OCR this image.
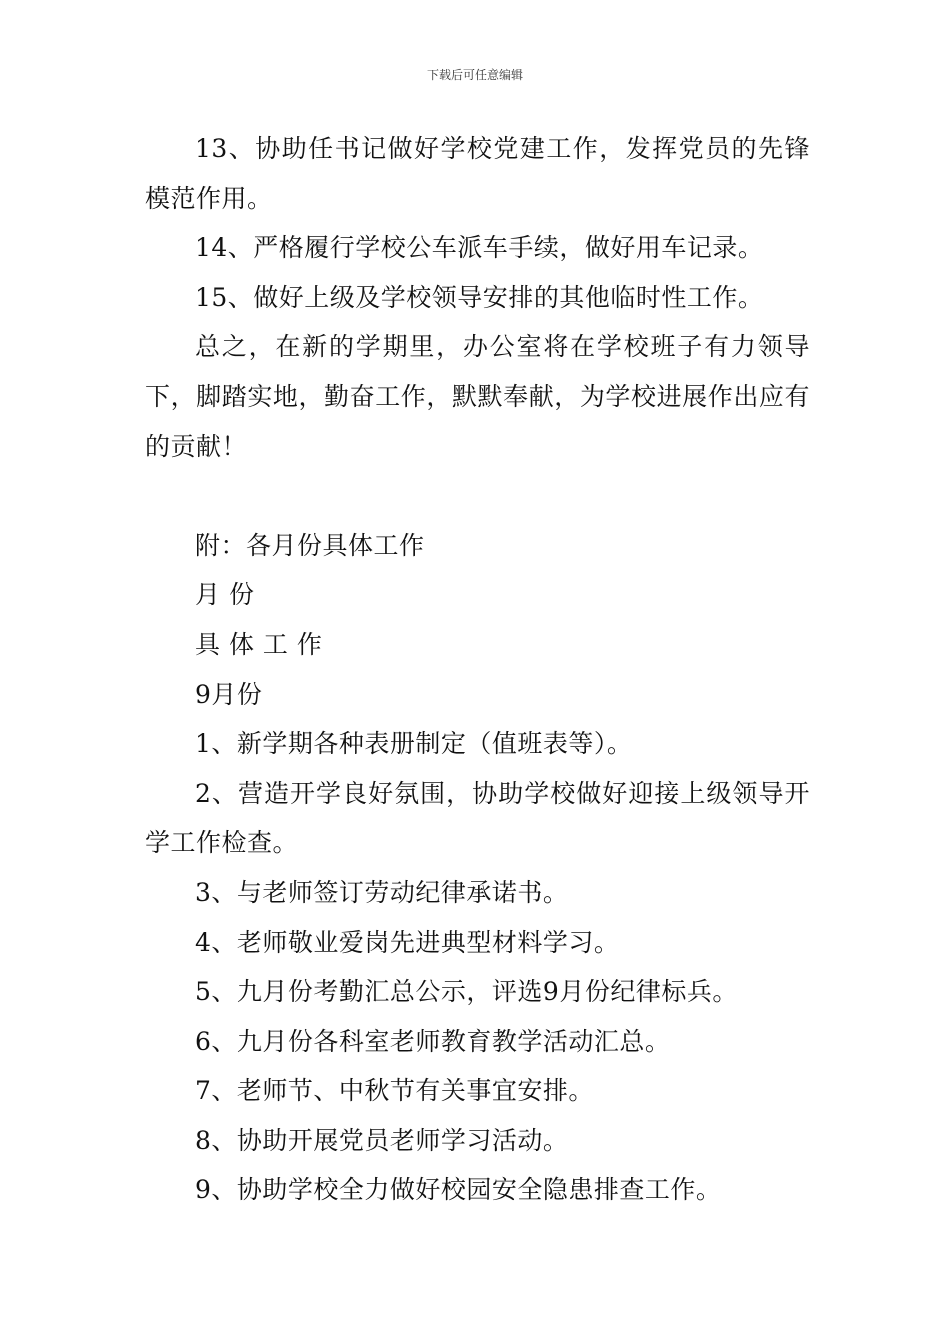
下载后可任意编辑

13、协助任书记做好学校党建工作，发挥党员的先锋模范作用。

14、严格履行学校公车派车手续，做好用车记录。

15、做好上级及学校领导安排的其他临时性工作。

总之，在新的学期里，办公室将在学校班子有力领导下，脚踏实地，勤奋工作，默默奉献，为学校进展作出应有的贡献！

附：各月份具体工作

月 份

具 体 工 作

9月份

1、新学期各种表册制定（值班表等）。

2、营造开学良好氛围，协助学校做好迎接上级领导开学工作检查。

3、与老师签订劳动纪律承诺书。

4、老师敬业爱岗先进典型材料学习。

5、九月份考勤汇总公示，评选9月份纪律标兵。

6、九月份各科室老师教育教学活动汇总。

7、老师节、中秋节有关事宜安排。

8、协助开展党员老师学习活动。

9、协助学校全力做好校园安全隐患排查工作。
